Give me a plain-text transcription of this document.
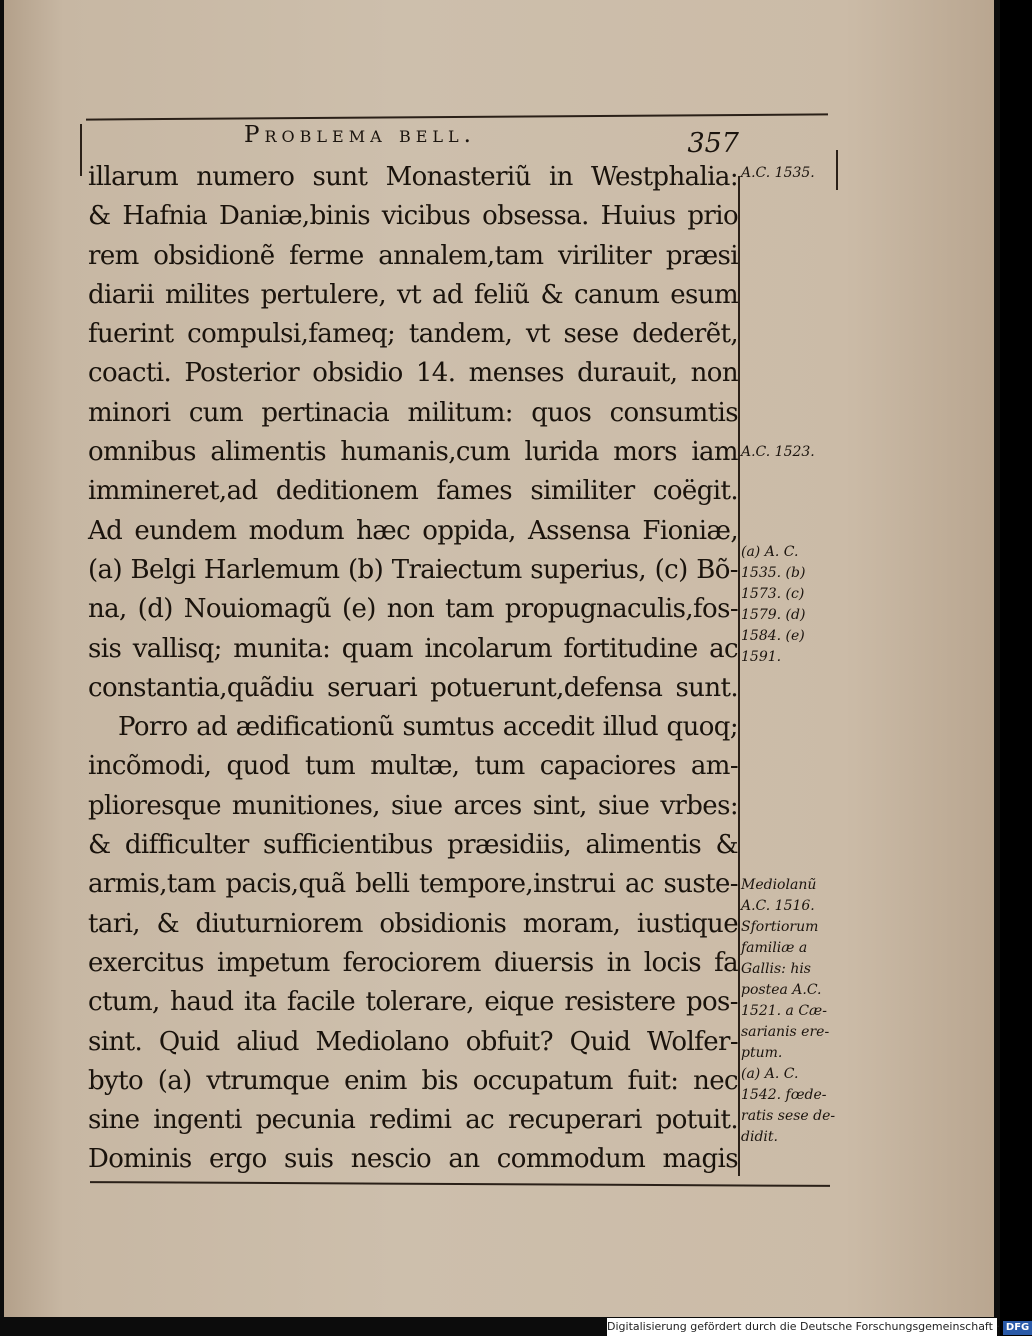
Problema bell.	357
illarum numero sunt Monasteriũ in Westphalia:
& Hafnia Daniæ,binis vicibus obsessa. Huius prio
rem obsidionẽ ferme annalem,tam viriliter præsi
diarii milites pertulere, vt ad feliũ & canum esum
fuerint compulsi,fameq; tandem, vt sese dederẽt,
coacti. Posterior obsidio 14. menses durauit, non
minori cum pertinacia militum: quos consumtis
omnibus alimentis humanis,cum lurida mors iam
immineret,ad deditionem fames similiter coëgit.
Ad eundem modum hæc oppida, Assensa Fioniæ,
(a) Belgi Harlemum (b) Traiectum superius, (c) Bõ-
na, (d) Nouiomagũ (e) non tam propugnaculis,fos-
sis vallisq; munita: quam incolarum fortitudine ac
constantia,quãdiu seruari potuerunt,defensa sunt.
Porro ad ædificationũ sumtus accedit illud quoq;
incõmodi, quod tum multæ, tum capaciores am-
plioresque munitiones, siue arces sint, siue vrbes:
& difficulter sufficientibus præsidiis, alimentis &
armis,tam pacis,quã belli tempore,instrui ac suste-
tari, & diuturniorem obsidionis moram, iustique
exercitus impetum ferociorem diuersis in locis fa
ctum, haud ita facile tolerare, eique resistere pos-
sint. Quid aliud Mediolano obfuit? Quid Wolfer-
byto (a) vtrumque enim bis occupatum fuit: nec
sine ingenti pecunia redimi ac recuperari potuit.
Dominis ergo suis nescio an commodum magis
A.C. 1535.
A.C. 1523.
(a) A. C.
1535. (b)
1573. (c)
1579. (d)
1584. (e)
1591.
Mediolanũ
A.C. 1516.
Sfortiorum
familiæ a
Gallis: his
postea A.C.
1521. a Cæ-
sarianis ere-
ptum.
(a) A. C.
1542. fœde-
ratis sese de-
didit.
Digitalisierung gefördert durch die Deutsche Forschungsgemeinschaft · DFG
